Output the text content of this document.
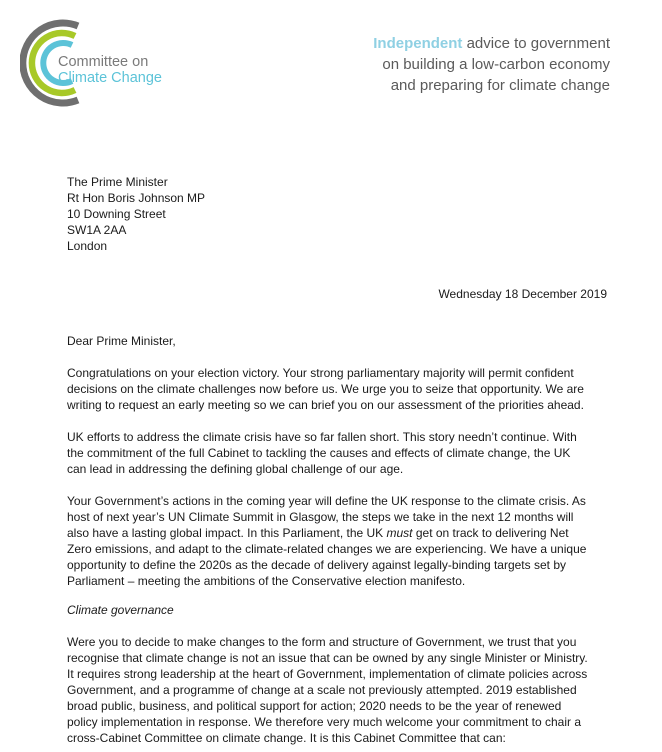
Committee on
Climate Change
Independent advice to government
on building a low-carbon economy
and preparing for climate change
The Prime Minister
Rt Hon Boris Johnson MP
10 Downing Street
SW1A 2AA
London
Wednesday 18 December 2019
Dear Prime Minister,
Congratulations on your election victory. Your strong parliamentary majority will permit confident
decisions on the climate challenges now before us. We urge you to seize that opportunity. We are
writing to request an early meeting so we can brief you on our assessment of the priorities ahead.
UK efforts to address the climate crisis have so far fallen short. This story needn’t continue. With
the commitment of the full Cabinet to tackling the causes and effects of climate change, the UK
can lead in addressing the defining global challenge of our age.
Your Government’s actions in the coming year will define the UK response to the climate crisis. As
host of next year’s UN Climate Summit in Glasgow, the steps we take in the next 12 months will
also have a lasting global impact. In this Parliament, the UK must get on track to delivering Net
Zero emissions, and adapt to the climate-related changes we are experiencing. We have a unique
opportunity to define the 2020s as the decade of delivery against legally-binding targets set by
Parliament – meeting the ambitions of the Conservative election manifesto.
Climate governance
Were you to decide to make changes to the form and structure of Government, we trust that you
recognise that climate change is not an issue that can be owned by any single Minister or Ministry.
It requires strong leadership at the heart of Government, implementation of climate policies across
Government, and a programme of change at a scale not previously attempted. 2019 established
broad public, business, and political support for action; 2020 needs to be the year of renewed
policy implementation in response. We therefore very much welcome your commitment to chair a
cross-Cabinet Committee on climate change. It is this Cabinet Committee that can:
